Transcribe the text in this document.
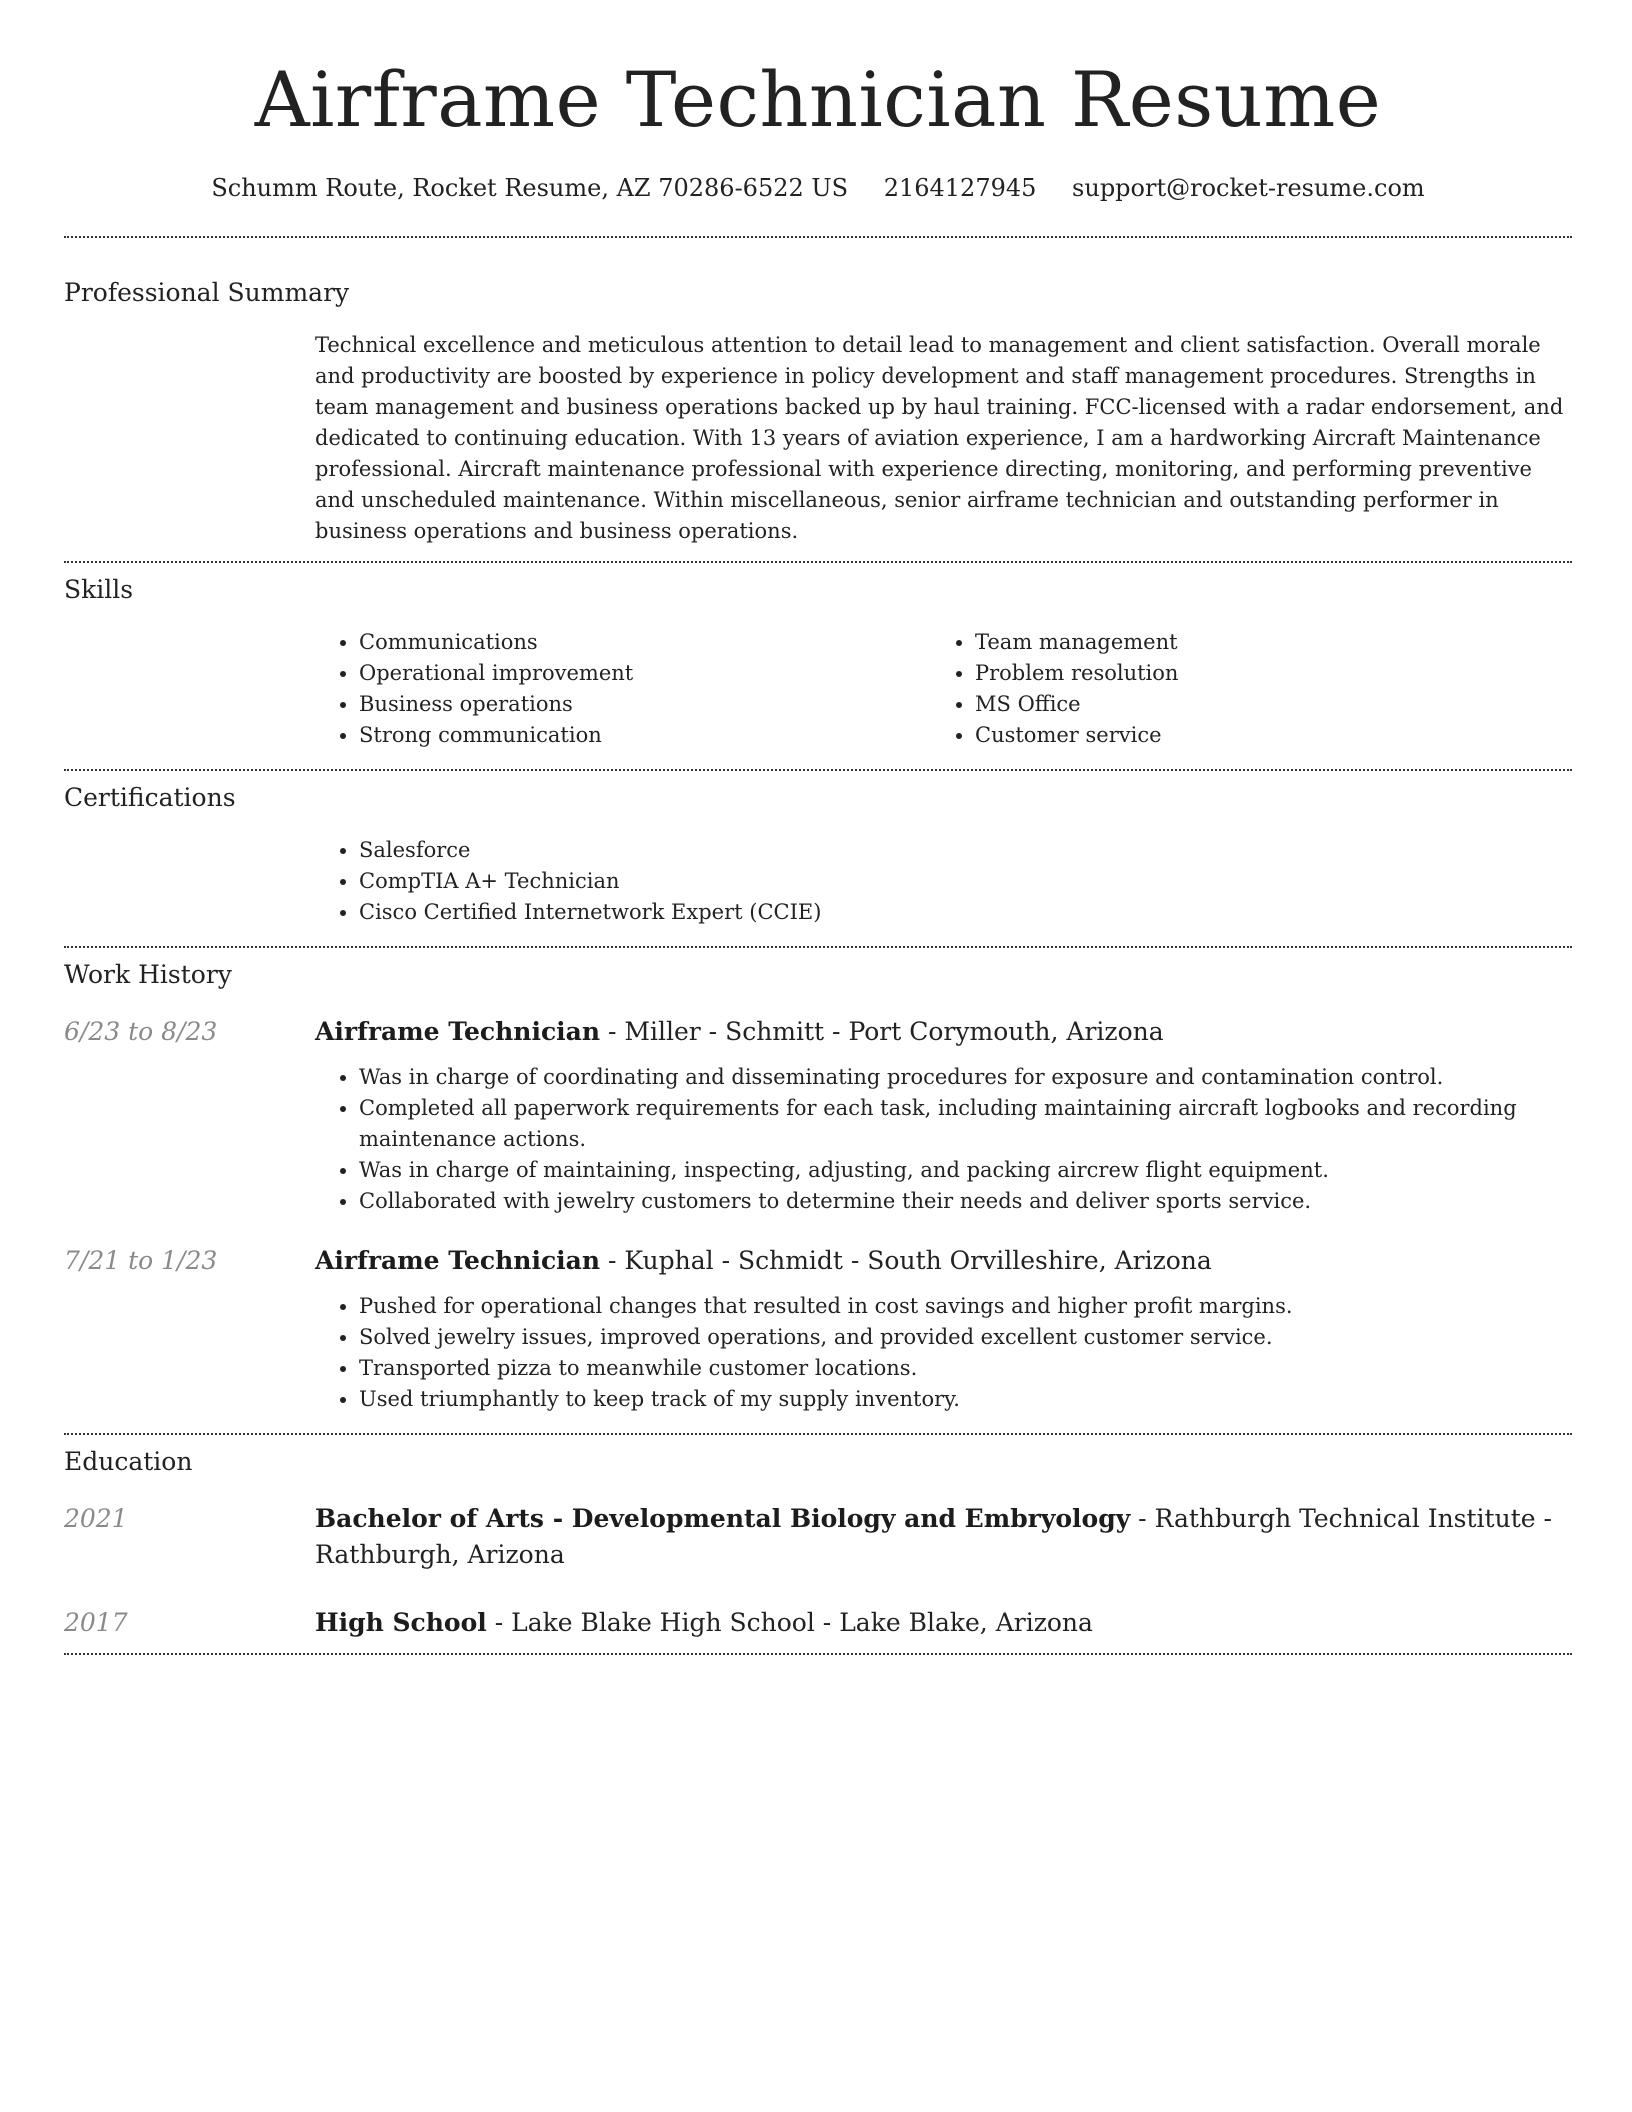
Airframe Technician Resume
Schumm Route, Rocket Resume, AZ 70286-6522 US 2164127945 support@rocket-resume.com
Professional Summary

Technical excellence and meticulous attention to detail lead to management and client satisfaction. Overall morale and productivity are boosted by experience in policy development and staff management procedures. Strengths in team management and business operations backed up by haul training. FCC-licensed with a radar endorsement, and dedicated to continuing education. With 13 years of aviation experience, I am a hardworking Aircraft Maintenance professional. Aircraft maintenance professional with experience directing, monitoring, and performing preventive and unscheduled maintenance. Within miscellaneous, senior airframe technician and outstanding performer in business operations and business operations.

Skills
• Communications
• Operational improvement
• Business operations
• Strong communication
• Team management
• Problem resolution
• MS Office
• Customer service
Certifications
• Salesforce
• CompTIA A+ Technician
• Cisco Certified Internetwork Expert (CCIE)
Work History
6/23 to 8/23	Airframe Technician - Miller - Schmitt - Port Corymouth, Arizona
• Was in charge of coordinating and disseminating procedures for exposure and contamination control.
• Completed all paperwork requirements for each task, including maintaining aircraft logbooks and recording maintenance actions.
• Was in charge of maintaining, inspecting, adjusting, and packing aircrew flight equipment.
• Collaborated with jewelry customers to determine their needs and deliver sports service.
7/21 to 1/23	Airframe Technician - Kuphal - Schmidt - South Orvilleshire, Arizona
• Pushed for operational changes that resulted in cost savings and higher profit margins.
• Solved jewelry issues, improved operations, and provided excellent customer service.
• Transported pizza to meanwhile customer locations.
• Used triumphantly to keep track of my supply inventory.
Education
2021	Bachelor of Arts - Developmental Biology and Embryology - Rathburgh Technical Institute - Rathburgh, Arizona
2017	High School - Lake Blake High School - Lake Blake, Arizona
